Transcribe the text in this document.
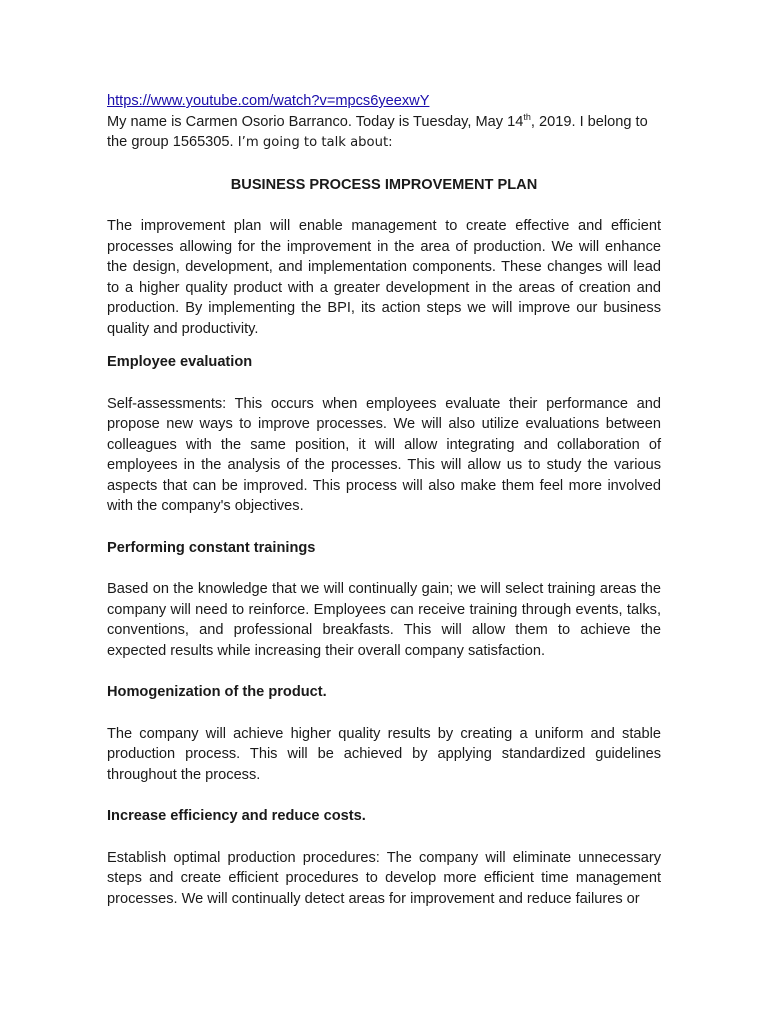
https://www.youtube.com/watch?v=mpcs6yeexwY

My name is Carmen Osorio Barranco. Today is Tuesday, May 14th, 2019. I belong to the group 1565305. I’m going to talk about:

BUSINESS PROCESS IMPROVEMENT PLAN

The improvement plan will enable management to create effective and efficient processes allowing for the improvement in the area of production. We will enhance the design, development, and implementation components. These changes will lead to a higher quality product with a greater development in the areas of creation and production. By implementing the BPI, its action steps we will improve our business quality and productivity.

Employee evaluation

Self-assessments: This occurs when employees evaluate their performance and propose new ways to improve processes. We will also utilize evaluations between colleagues with the same position, it will allow integrating and collaboration of employees in the analysis of the processes. This will allow us to study the various aspects that can be improved. This process will also make them feel more involved with the company's objectives.

Performing constant trainings

Based on the knowledge that we will continually gain; we will select training areas the company will need to reinforce. Employees can receive training through events, talks, conventions, and professional breakfasts. This will allow them to achieve the expected results while increasing their overall company satisfaction.

Homogenization of the product.

The company will achieve higher quality results by creating a uniform and stable production process. This will be achieved by applying standardized guidelines throughout the process.

Increase efficiency and reduce costs.

Establish optimal production procedures: The company will eliminate unnecessary steps and create efficient procedures to develop more efficient time management processes. We will continually detect areas for improvement and reduce failures or
